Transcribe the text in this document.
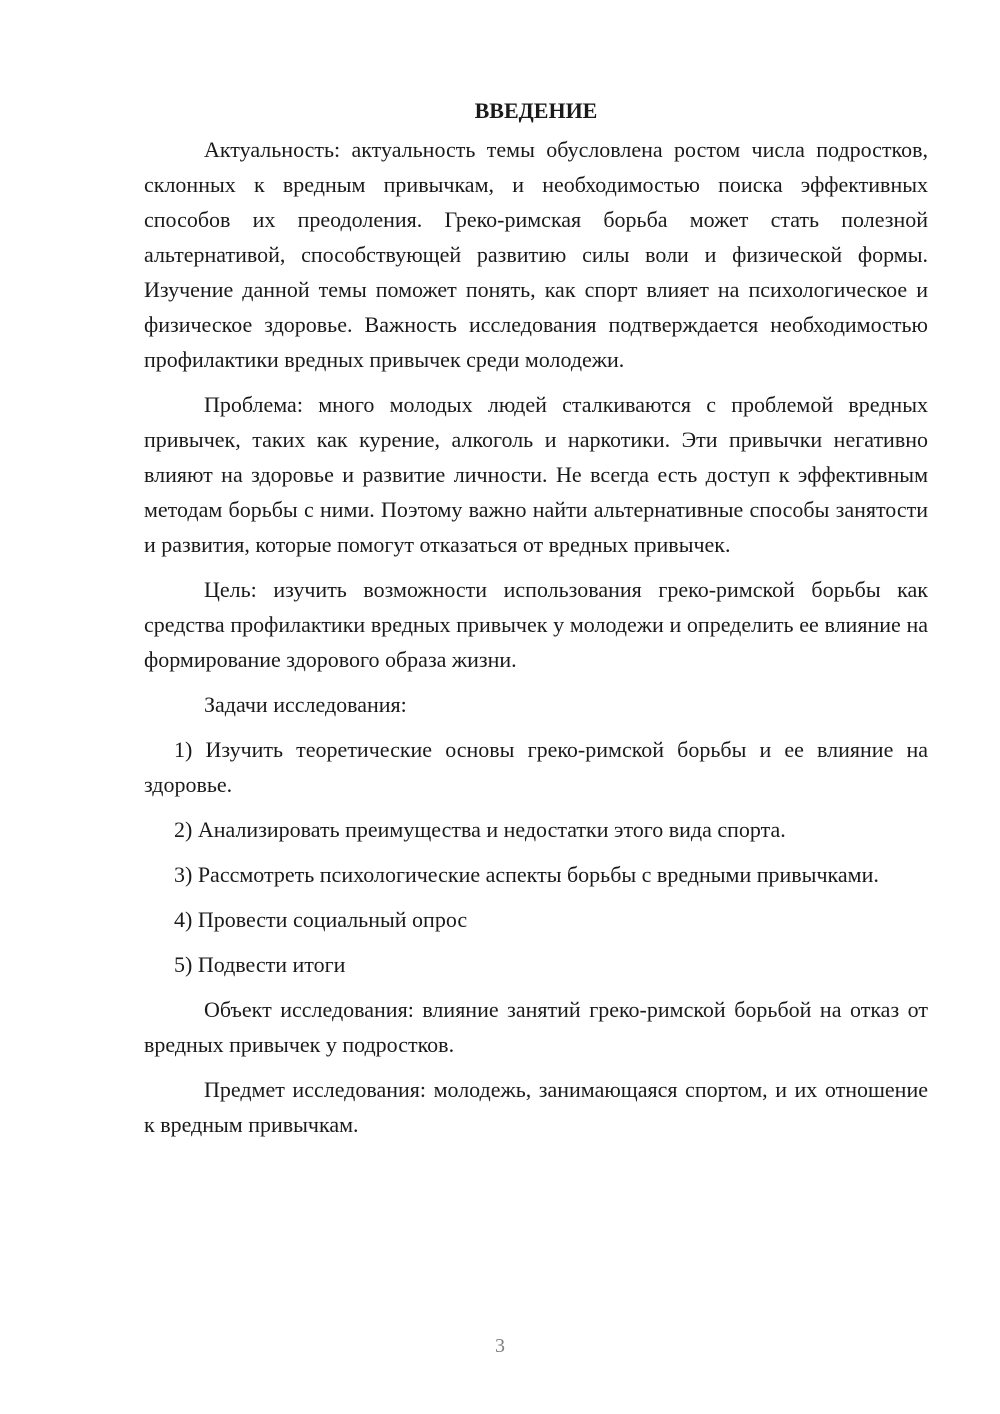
ВВЕДЕНИЕ

Актуальность: актуальность темы обусловлена ростом числа подростков, склонных к вредным привычкам, и необходимостью поиска эффективных способов их преодоления. Греко-римская борьба может стать полезной альтернативой, способствующей развитию силы воли и физической формы. Изучение данной темы поможет понять, как спорт влияет на психологическое и физическое здоровье. Важность исследования подтверждается необходимостью профилактики вредных привычек среди молодежи.

Проблема: много молодых людей сталкиваются с проблемой вредных привычек, таких как курение, алкоголь и наркотики. Эти привычки негативно влияют на здоровье и развитие личности. Не всегда есть доступ к эффективным методам борьбы с ними. Поэтому важно найти альтернативные способы занятости и развития, которые помогут отказаться от вредных привычек.

Цель: изучить возможности использования греко-римской борьбы как средства профилактики вредных привычек у молодежи и определить ее влияние на формирование здорового образа жизни.

Задачи исследования:

1) Изучить теоретические основы греко-римской борьбы и ее влияние на здоровье.

2) Анализировать преимущества и недостатки этого вида спорта.

3) Рассмотреть психологические аспекты борьбы с вредными привычками.

4) Провести социальный опрос

5) Подвести итоги

Объект исследования: влияние занятий греко-римской борьбой на отказ от вредных привычек у подростков.

Предмет исследования: молодежь, занимающаяся спортом, и их отношение к вредным привычкам.

3
